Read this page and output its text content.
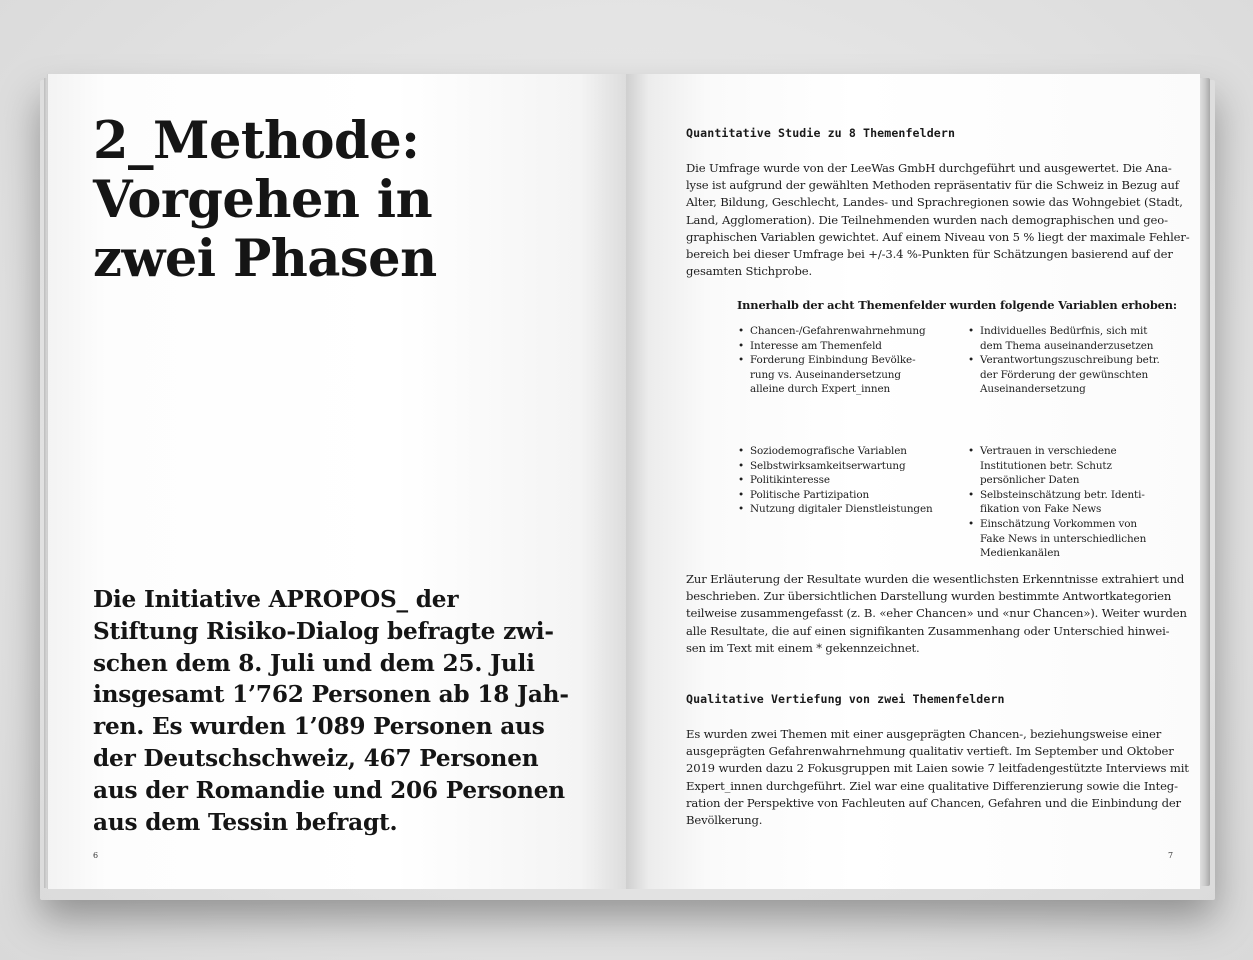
2_Methode:
Vorgehen in
zwei Phasen
Die Initiative APROPOS_ der
Stiftung Risiko-Dialog befragte zwi-
schen dem 8. Juli und dem 25. Juli
insgesamt 1’762 Personen ab 18 Jah-
ren. Es wurden 1’089 Personen aus
der Deutschschweiz, 467 Personen
aus der Romandie und 206 Personen
aus dem Tessin befragt.
6
Quantitative Studie zu 8 Themenfeldern
Die Umfrage wurde von der LeeWas GmbH durchgeführt und ausgewertet. Die Ana-
lyse ist aufgrund der gewählten Methoden repräsentativ für die Schweiz in Bezug auf
Alter, Bildung, Geschlecht, Landes- und Sprachregionen sowie das Wohngebiet (Stadt,
Land, Agglomeration). Die Teilnehmenden wurden nach demographischen und geo-
graphischen Variablen gewichtet. Auf einem Niveau von 5 % liegt der maximale Fehler-
bereich bei dieser Umfrage bei +/-3.4 %-Punkten für Schätzungen basierend auf der
gesamten Stichprobe.
Innerhalb der acht Themenfelder wurden folgende Variablen erhoben:
• Chancen-/Gefahrenwahrnehmung
• Interesse am Themenfeld
• Forderung Einbindung Bevölke-
rung vs. Auseinandersetzung
alleine durch Expert_innen
• Individuelles Bedürfnis, sich mit
dem Thema auseinanderzusetzen
• Verantwortungszuschreibung betr.
der Förderung der gewünschten
Auseinandersetzung
• Soziodemografische Variablen
• Selbstwirksamkeitserwartung
• Politikinteresse
• Politische Partizipation
• Nutzung digitaler Dienstleistungen
• Vertrauen in verschiedene
Institutionen betr. Schutz
persönlicher Daten
• Selbsteinschätzung betr. Identi-
fikation von Fake News
• Einschätzung Vorkommen von
Fake News in unterschiedlichen
Medienkanälen
Zur Erläuterung der Resultate wurden die wesentlichsten Erkenntnisse extrahiert und
beschrieben. Zur übersichtlichen Darstellung wurden bestimmte Antwortkategorien
teilweise zusammengefasst (z. B. «eher Chancen» und «nur Chancen»). Weiter wurden
alle Resultate, die auf einen signifikanten Zusammenhang oder Unterschied hinwei-
sen im Text mit einem * gekennzeichnet.
Qualitative Vertiefung von zwei Themenfeldern
Es wurden zwei Themen mit einer ausgeprägten Chancen-, beziehungsweise einer
ausgeprägten Gefahrenwahrnehmung qualitativ vertieft. Im September und Oktober
2019 wurden dazu 2 Fokusgruppen mit Laien sowie 7 leitfadengestützte Interviews mit
Expert_innen durchgeführt. Ziel war eine qualitative Differenzierung sowie die Integ-
ration der Perspektive von Fachleuten auf Chancen, Gefahren und die Einbindung der
Bevölkerung.
7
